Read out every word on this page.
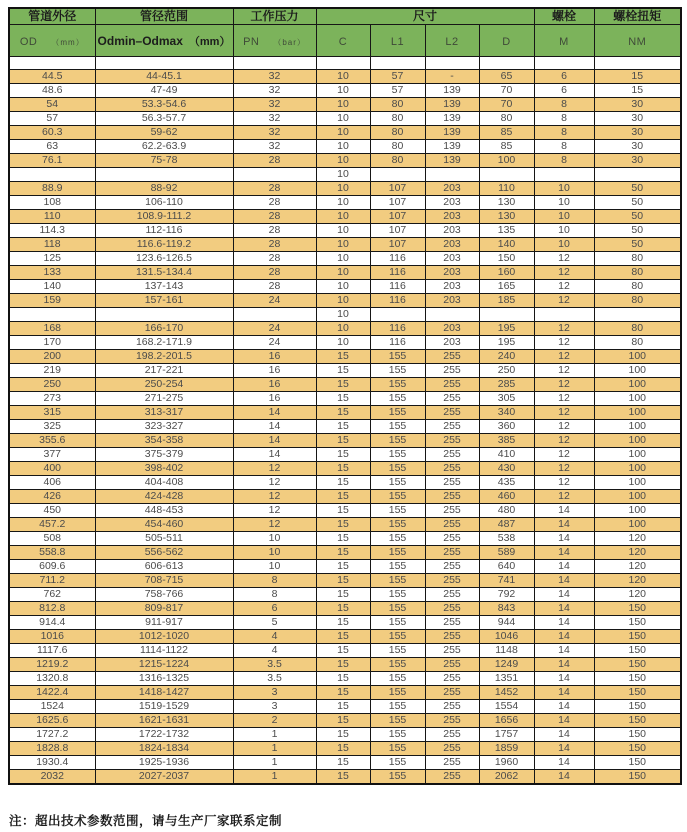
管道外径	管径范围	工作压力	尺寸				螺栓	螺栓扭矩
OD （mm）	Odmin–Odmax （mm）	PN （bar）	C	L1	L2	D	M	NM

44.5	44-45.1	32	10	57	-	65	6	15
48.6	47-49	32	10	57	139	70	6	15
54	53.3-54.6	32	10	80	139	70	8	30
57	56.3-57.7	32	10	80	139	80	8	30
60.3	59-62	32	10	80	139	85	8	30
63	62.2-63.9	32	10	80	139	85	8	30
76.1	75-78	28	10	80	139	100	8	30
			10					
88.9	88-92	28	10	107	203	110	10	50
108	106-110	28	10	107	203	130	10	50
110	108.9-111.2	28	10	107	203	130	10	50
114.3	112-116	28	10	107	203	135	10	50
118	116.6-119.2	28	10	107	203	140	10	50
125	123.6-126.5	28	10	116	203	150	12	80
133	131.5-134.4	28	10	116	203	160	12	80
140	137-143	28	10	116	203	165	12	80
159	157-161	24	10	116	203	185	12	80
			10					
168	166-170	24	10	116	203	195	12	80
170	168.2-171.9	24	10	116	203	195	12	80
200	198.2-201.5	16	15	155	255	240	12	100
219	217-221	16	15	155	255	250	12	100
250	250-254	16	15	155	255	285	12	100
273	271-275	16	15	155	255	305	12	100
315	313-317	14	15	155	255	340	12	100
325	323-327	14	15	155	255	360	12	100
355.6	354-358	14	15	155	255	385	12	100
377	375-379	14	15	155	255	410	12	100
400	398-402	12	15	155	255	430	12	100
406	404-408	12	15	155	255	435	12	100
426	424-428	12	15	155	255	460	12	100
450	448-453	12	15	155	255	480	14	100
457.2	454-460	12	15	155	255	487	14	100
508	505-511	10	15	155	255	538	14	120
558.8	556-562	10	15	155	255	589	14	120
609.6	606-613	10	15	155	255	640	14	120
711.2	708-715	8	15	155	255	741	14	120
762	758-766	8	15	155	255	792	14	120
812.8	809-817	6	15	155	255	843	14	150
914.4	911-917	5	15	155	255	944	14	150
1016	1012-1020	4	15	155	255	1046	14	150
1117.6	1114-1122	4	15	155	255	1148	14	150
1219.2	1215-1224	3.5	15	155	255	1249	14	150
1320.8	1316-1325	3.5	15	155	255	1351	14	150
1422.4	1418-1427	3	15	155	255	1452	14	150
1524	1519-1529	3	15	155	255	1554	14	150
1625.6	1621-1631	2	15	155	255	1656	14	150
1727.2	1722-1732	1	15	155	255	1757	14	150
1828.8	1824-1834	1	15	155	255	1859	14	150
1930.4	1925-1936	1	15	155	255	1960	14	150
2032	2027-2037	1	15	155	255	2062	14	150
注：超出技术参数范围，请与生产厂家联系定制
